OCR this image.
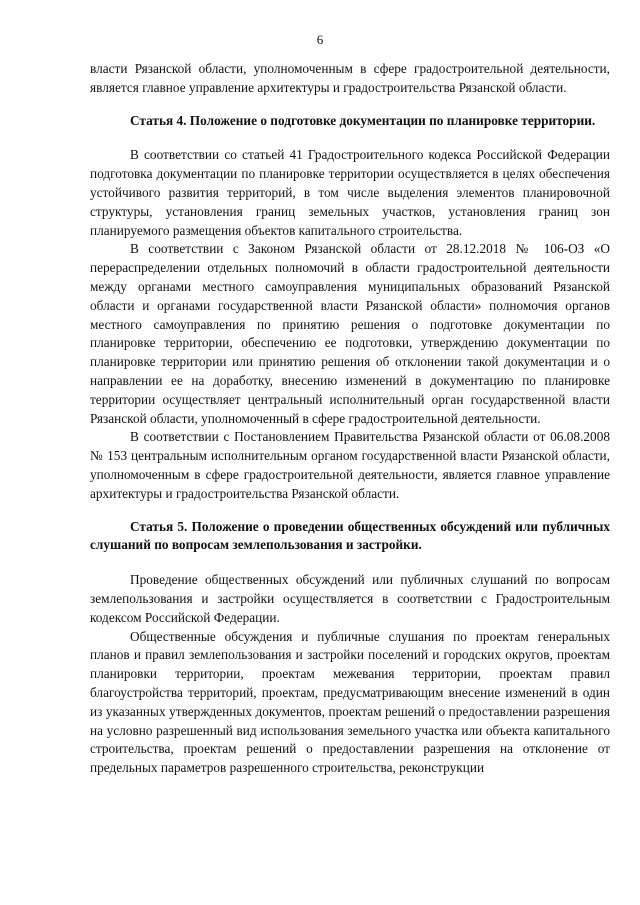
6

власти Рязанской области, уполномоченным в сфере градостроительной деятельности, является главное управление архитектуры и градостроительства Рязанской области.

Статья 4. Положение о подготовке документации по планировке территории.

В соответствии со статьей 41 Градостроительного кодекса Российской Федерации подготовка документации по планировке территории осуществляется в целях обеспечения устойчивого развития территорий, в том числе выделения элементов планировочной структуры, установления границ земельных участков, установления границ зон планируемого размещения объектов капитального строительства.

В соответствии с Законом Рязанской области от 28.12.2018 № 106-ОЗ «О перераспределении отдельных полномочий в области градостроительной деятельности между органами местного самоуправления муниципальных образований Рязанской области и органами государственной власти Рязанской области» полномочия органов местного самоуправления по принятию решения о подготовке документации по планировке территории, обеспечению ее подготовки, утверждению документации по планировке территории или принятию решения об отклонении такой документации и о направлении ее на доработку, внесению изменений в документацию по планировке территории осуществляет центральный исполнительный орган государственной власти Рязанской области, уполномоченный в сфере градостроительной деятельности.

В соответствии с Постановлением Правительства Рязанской области от 06.08.2008 № 153 центральным исполнительным органом государственной власти Рязанской области, уполномоченным в сфере градостроительной деятельности, является главное управление архитектуры и градостроительства Рязанской области.

Статья 5. Положение о проведении общественных обсуждений или публичных слушаний по вопросам землепользования и застройки.

Проведение общественных обсуждений или публичных слушаний по вопросам землепользования и застройки осуществляется в соответствии с Градостроительным кодексом Российской Федерации.

Общественные обсуждения и публичные слушания по проектам генеральных планов и правил землепользования и застройки поселений и городских округов, проектам планировки территории, проектам межевания территории, проектам правил благоустройства территорий, проектам, предусматривающим внесение изменений в один из указанных утвержденных документов, проектам решений о предоставлении разрешения на условно разрешенный вид использования земельного участка или объекта капитального строительства, проектам решений о предоставлении разрешения на отклонение от предельных параметров разрешенного строительства, реконструкции
